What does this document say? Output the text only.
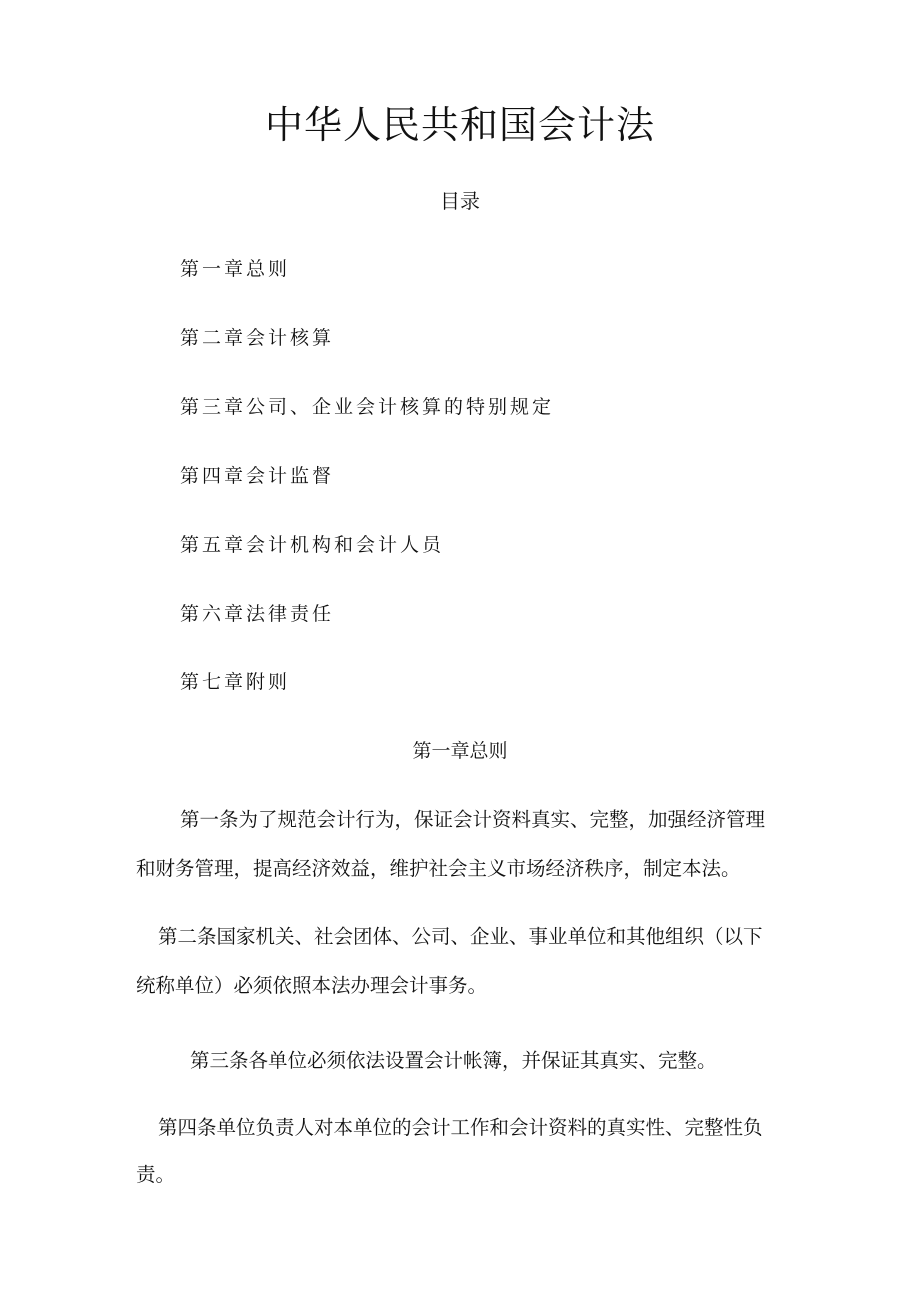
中华人民共和国会计法
目录
第一章总则
第二章会计核算
第三章公司、企业会计核算的特别规定
第四章会计监督
第五章会计机构和会计人员
第六章法律责任
第七章附则
第一章总则
第一条为了规范会计行为，保证会计资料真实、完整，加强经济管理
和财务管理，提高经济效益，维护社会主义市场经济秩序，制定本法。
第二条国家机关、社会团体、公司、企业、事业单位和其他组织（以下
统称单位）必须依照本法办理会计事务。
第三条各单位必须依法设置会计帐簿，并保证其真实、完整。
第四条单位负责人对本单位的会计工作和会计资料的真实性、完整性负
责。
